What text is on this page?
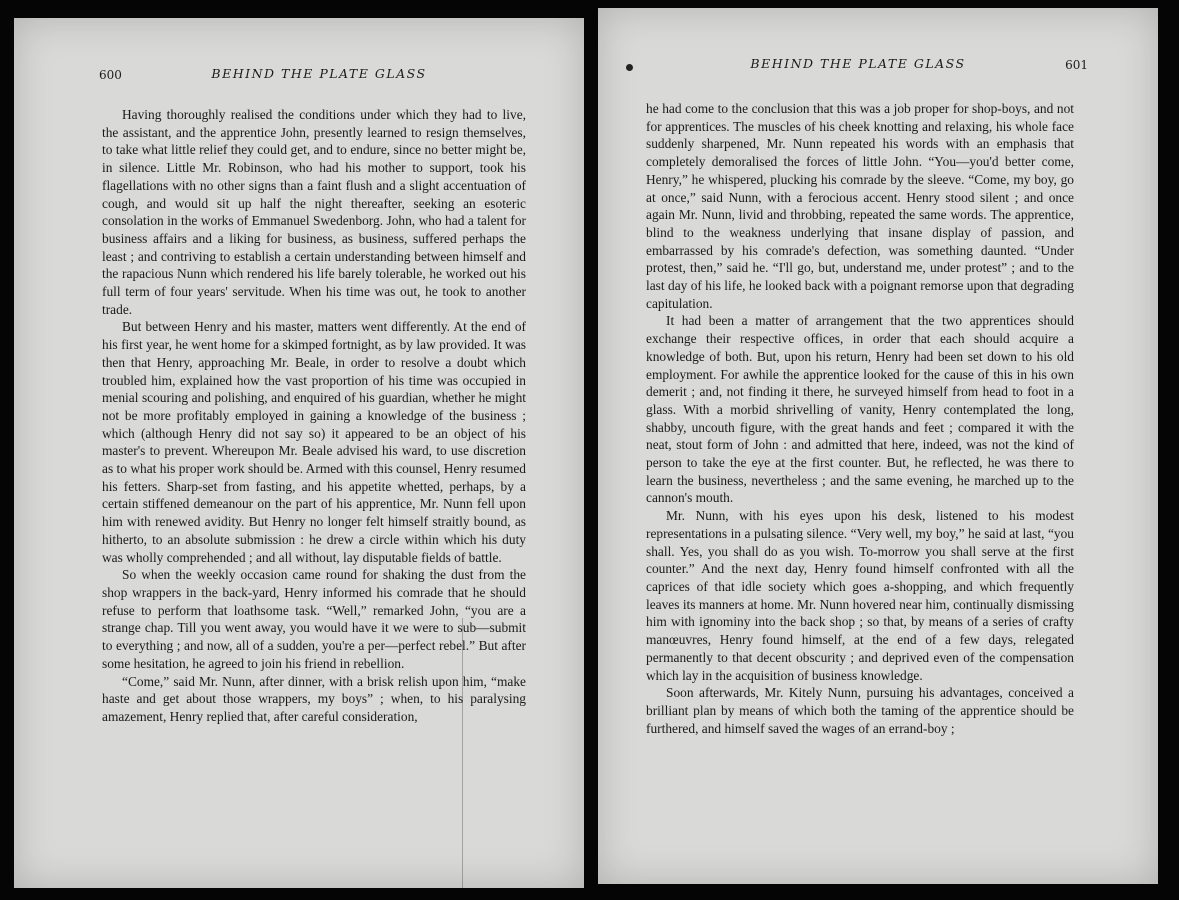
600	BEHIND THE PLATE GLASS

Having thoroughly realised the conditions under which they had to live, the assistant, and the apprentice John, presently learned to resign themselves, to take what little relief they could get, and to endure, since no better might be, in silence. Little Mr. Robinson, who had his mother to support, took his flagellations with no other signs than a faint flush and a slight accentuation of cough, and would sit up half the night thereafter, seeking an esoteric consolation in the works of Emmanuel Swedenborg. John, who had a talent for business affairs and a liking for business, as business, suffered perhaps the least ; and contriving to establish a certain understanding between himself and the rapacious Nunn which rendered his life barely tolerable, he worked out his full term of four years' servitude. When his time was out, he took to another trade.

But between Henry and his master, matters went differently. At the end of his first year, he went home for a skimped fortnight, as by law provided. It was then that Henry, approaching Mr. Beale, in order to resolve a doubt which troubled him, explained how the vast proportion of his time was occupied in menial scouring and polishing, and enquired of his guardian, whether he might not be more profitably employed in gaining a knowledge of the business ; which (although Henry did not say so) it appeared to be an object of his master's to prevent. Whereupon Mr. Beale advised his ward, to use discretion as to what his proper work should be. Armed with this counsel, Henry resumed his fetters. Sharp-set from fasting, and his appetite whetted, perhaps, by a certain stiffened demeanour on the part of his apprentice, Mr. Nunn fell upon him with renewed avidity. But Henry no longer felt himself straitly bound, as hitherto, to an absolute submission : he drew a circle within which his duty was wholly comprehended ; and all without, lay disputable fields of battle.

So when the weekly occasion came round for shaking the dust from the shop wrappers in the back-yard, Henry informed his comrade that he should refuse to perform that loathsome task. “Well,” remarked John, “you are a strange chap. Till you went away, you would have it we were to sub—submit to everything ; and now, all of a sudden, you're a per—perfect rebel.” But after some hesitation, he agreed to join his friend in rebellion.

“Come,” said Mr. Nunn, after dinner, with a brisk relish upon him, “make haste and get about those wrappers, my boys” ; when, to his paralysing amazement, Henry replied that, after careful consideration,

BEHIND THE PLATE GLASS	601

he had come to the conclusion that this was a job proper for shop-boys, and not for apprentices. The muscles of his cheek knotting and relaxing, his whole face suddenly sharpened, Mr. Nunn repeated his words with an emphasis that completely demoralised the forces of little John. “You—you'd better come, Henry,” he whispered, plucking his comrade by the sleeve. “Come, my boy, go at once,” said Nunn, with a ferocious accent. Henry stood silent ; and once again Mr. Nunn, livid and throbbing, repeated the same words. The apprentice, blind to the weakness underlying that insane display of passion, and embarrassed by his comrade's defection, was something daunted. “Under protest, then,” said he. “I'll go, but, understand me, under protest” ; and to the last day of his life, he looked back with a poignant remorse upon that degrading capitulation.

It had been a matter of arrangement that the two apprentices should exchange their respective offices, in order that each should acquire a knowledge of both. But, upon his return, Henry had been set down to his old employment. For awhile the apprentice looked for the cause of this in his own demerit ; and, not finding it there, he surveyed himself from head to foot in a glass. With a morbid shrivelling of vanity, Henry contemplated the long, shabby, uncouth figure, with the great hands and feet ; compared it with the neat, stout form of John : and admitted that here, indeed, was not the kind of person to take the eye at the first counter. But, he reflected, he was there to learn the business, nevertheless ; and the same evening, he marched up to the cannon's mouth.

Mr. Nunn, with his eyes upon his desk, listened to his modest representations in a pulsating silence. “Very well, my boy,” he said at last, “you shall. Yes, you shall do as you wish. To-morrow you shall serve at the first counter.” And the next day, Henry found himself confronted with all the caprices of that idle society which goes a-shopping, and which frequently leaves its manners at home. Mr. Nunn hovered near him, continually dismissing him with ignominy into the back shop ; so that, by means of a series of crafty manœuvres, Henry found himself, at the end of a few days, relegated permanently to that decent obscurity ; and deprived even of the compensation which lay in the acquisition of business knowledge.

Soon afterwards, Mr. Kitely Nunn, pursuing his advantages, conceived a brilliant plan by means of which both the taming of the apprentice should be furthered, and himself saved the wages of an errand-boy ;
